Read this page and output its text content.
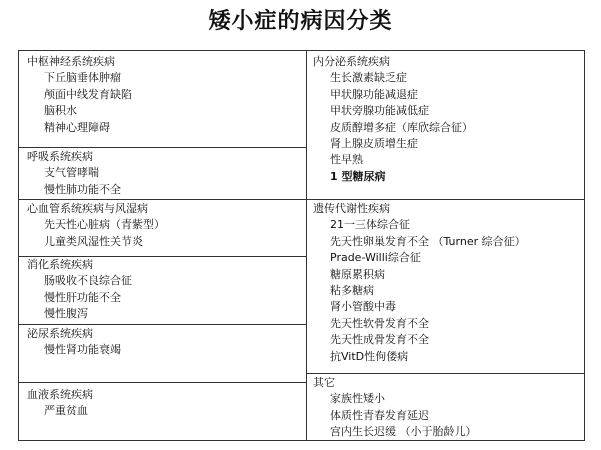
矮小症的病因分类
中枢神经系统疾病
下丘脑垂体肿瘤
颅面中线发育缺陷
脑积水
精神心理障碍
呼吸系统疾病
支气管哮喘
慢性肺功能不全
心血管系统疾病与风湿病
先天性心脏病（青紫型）
儿童类风湿性关节炎
消化系统疾病
肠吸收不良综合征
慢性肝功能不全
慢性腹泻
泌尿系统疾病
慢性肾功能衰竭
血液系统疾病
严重贫血
内分泌系统疾病
生长激素缺乏症
甲状腺功能减退症
甲状旁腺功能减低症
皮质醇增多症（库欣综合征）
肾上腺皮质增生症
性早熟
1 型糖尿病
遗传代谢性疾病
21一三体综合征
先天性卵巢发育不全 （Turner 综合征）
Prade-Willi综合征
糖原累积病
粘多糖病
肾小管酸中毒
先天性软骨发育不全
先天性成骨发育不全
抗VitD性佝偻病
其它
家族性矮小
体质性青春发育延迟
宫内生长迟缓 （小于胎龄儿）
